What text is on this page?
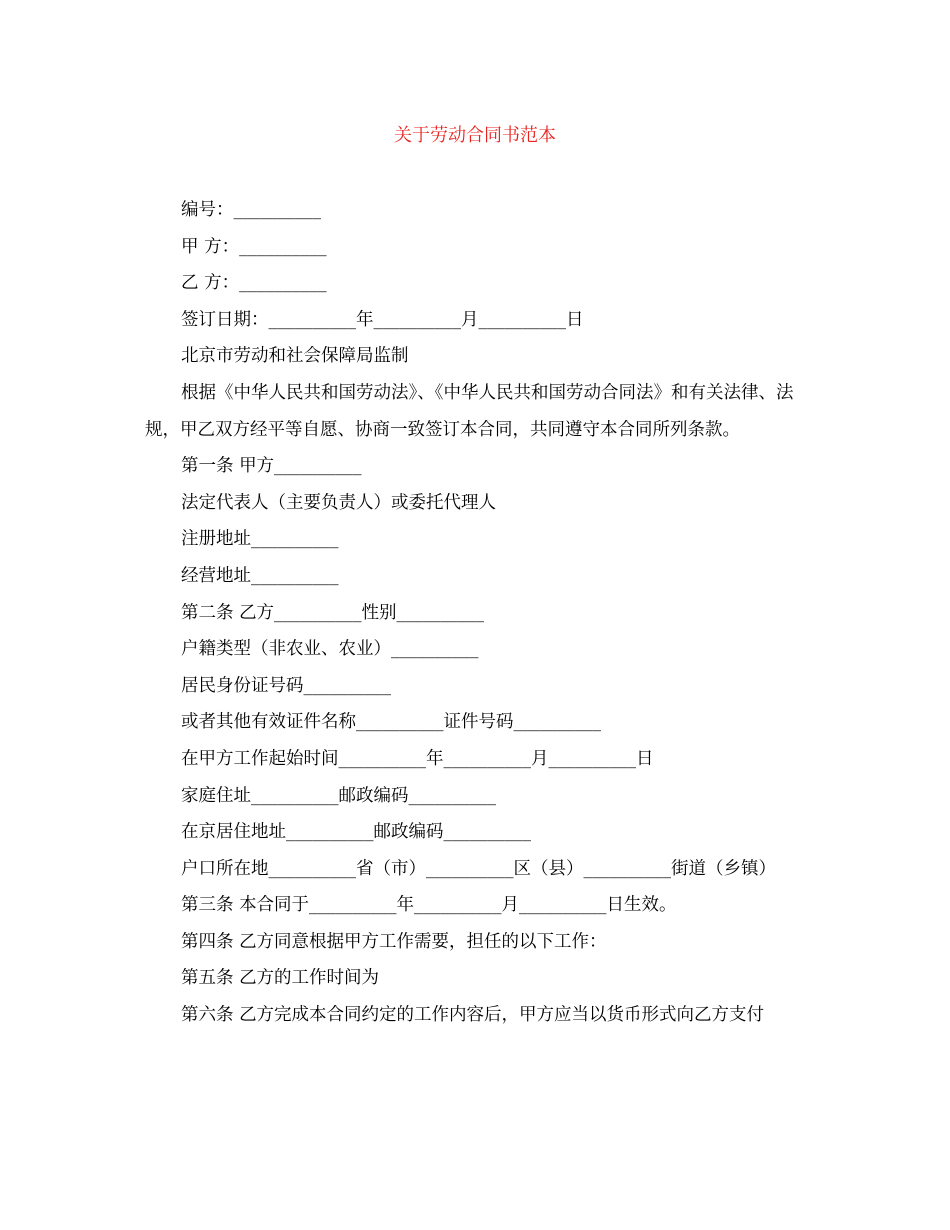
关于劳动合同书范本

编号：__________

甲 方：__________

乙 方：__________

签订日期：__________年__________月__________日

北京市劳动和社会保障局监制

根据《中华人民共和国劳动法》、《中华人民共和国劳动合同法》和有关法律、法规，甲乙双方经平等自愿、协商一致签订本合同，共同遵守本合同所列条款。

第一条 甲方__________

法定代表人（主要负责人）或委托代理人

注册地址__________

经营地址__________

第二条 乙方__________性别__________

户籍类型（非农业、农业）__________

居民身份证号码__________

或者其他有效证件名称__________证件号码__________

在甲方工作起始时间__________年__________月__________日

家庭住址__________邮政编码__________

在京居住地址__________邮政编码__________

户口所在地__________省（市）__________区（县）__________街道（乡镇）

第三条 本合同于__________年__________月__________日生效。

第四条 乙方同意根据甲方工作需要，担任的以下工作：

第五条 乙方的工作时间为

第六条 乙方完成本合同约定的工作内容后，甲方应当以货币形式向乙方支付
